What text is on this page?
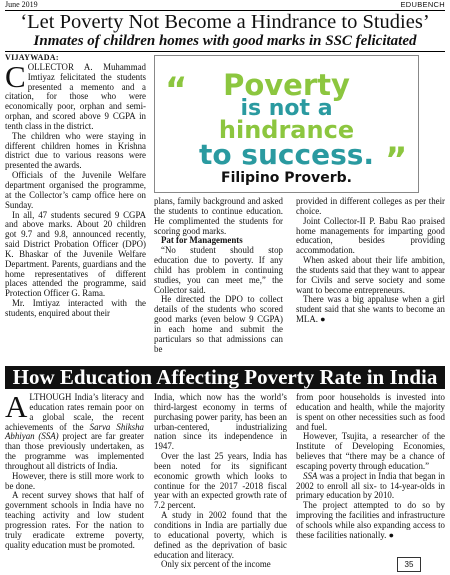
June 2019	EDUBENCH
‘Let Poverty Not Become a Hindrance to Studies’
Inmates of children homes with good marks in SSC felicitated

VIJAYWADA:

COLLECTOR A. Muhammad Imtiyaz felicitated the students presented a memento and a citation, for those who were economically poor, orphan and semi-orphan, and scored above 9 CGPA in tenth class in the district.

The children who were staying in different children homes in Krishna district due to various reasons were presented the awards.

Officials of the Juvenile Welfare department organised the programme, at the Collector’s camp office here on Sunday.

In all, 47 students secured 9 CGPA and above marks. About 20 children got 9.7 and 9.8, announced recently, said District Probation Officer (DPO) K. Bhaskar of the Juvenile Welfare Department. Parents, guardians and the home representatives of different places attended the programme, said Protection Officer G. Rama.

Mr. Imtiyaz interacted with the students, enquired about their

“	Poverty
is not a
hindrance
to success. ”
Filipino Proverb.

plans, family background and asked the students to continue education. He complimented the students for scoring good marks.

Pat for Managements

“No student should stop education due to poverty. If any child has problem in continuing studies, you can meet me,” the Collector said.

He directed the DPO to collect details of the students who scored good marks (even below 9 CGPA) in each home and submit the particulars so that admissions can be

provided in different colleges as per their choice.

Joint Collector-II P. Babu Rao praised home managements for imparting good education, besides providing accommodation.

When asked about their life ambition, the students said that they want to appear for Civils and serve society and some want to become entrepreneurs.

There was a big appaluse when a girl student said that she wants to become an MLA. ●

How Education Affecting Poverty Rate in India

ALTHOUGH India’s literacy and education rates remain poor on a global scale, the recent achievements of the Sarva Shiksha Abhiyan (SSA) project are far greater than those previously undertaken, as the programme was implemented throughout all districts of India.

However, there is still more work to be done.

A recent survey shows that half of government schools in India have no teaching activity and low student progression rates. For the nation to truly eradicate extreme poverty, quality education must be promoted.

India, which now has the world’s third-largest economy in terms of purchasing power parity, has been an urban-centered, industrializing nation since its independence in 1947.

Over the last 25 years, India has been noted for its significant economic growth which looks to continue for the 2017 -2018 fiscal year with an expected growth rate of 7.2 percent.

A study in 2002 found that the conditions in India are partially due to educational poverty, which is defined as the deprivation of basic education and literacy.

Only six percent of the income

from poor households is invested into education and health, while the majority is spent on other necessities such as food and fuel.

However, Tsujita, a researcher of the Institute of Developing Economies, believes that “there may be a chance of escaping poverty through education.”

SSA was a project in India that began in 2002 to enroll all six- to 14-year-olds in primary education by 2010.

The project attempted to do so by improving the facilities and infrastructure of schools while also expanding access to these facilities nationally. ●

35
